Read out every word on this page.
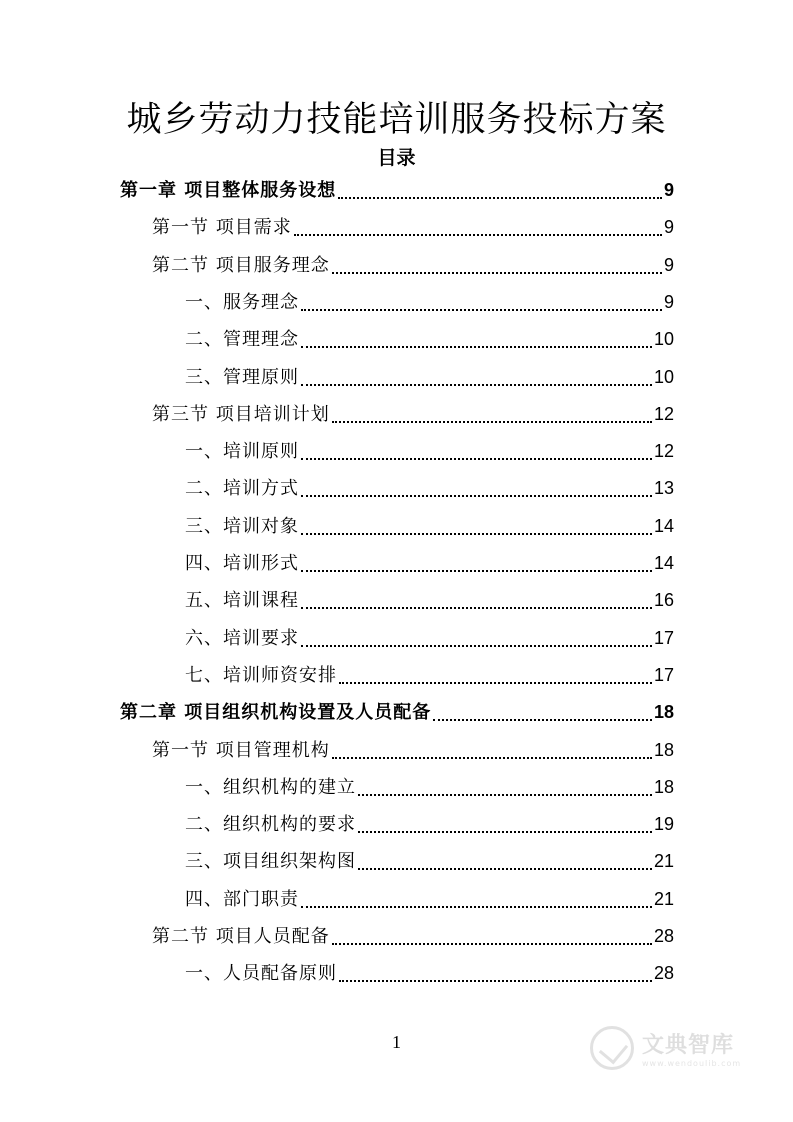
城乡劳动力技能培训服务投标方案
目录
第一章 项目整体服务设想	9
第一节 项目需求	9
第二节 项目服务理念	9
一、服务理念	9
二、管理理念	10
三、管理原则	10
第三节 项目培训计划	12
一、培训原则	12
二、培训方式	13
三、培训对象	14
四、培训形式	14
五、培训课程	16
六、培训要求	17
七、培训师资安排	17
第二章 项目组织机构设置及人员配备	18
第一节 项目管理机构	18
一、组织机构的建立	18
二、组织机构的要求	19
三、项目组织架构图	21
四、部门职责	21
第二节 项目人员配备	28
一、人员配备原则	28
1	文典智库
www.wendoulib.com
